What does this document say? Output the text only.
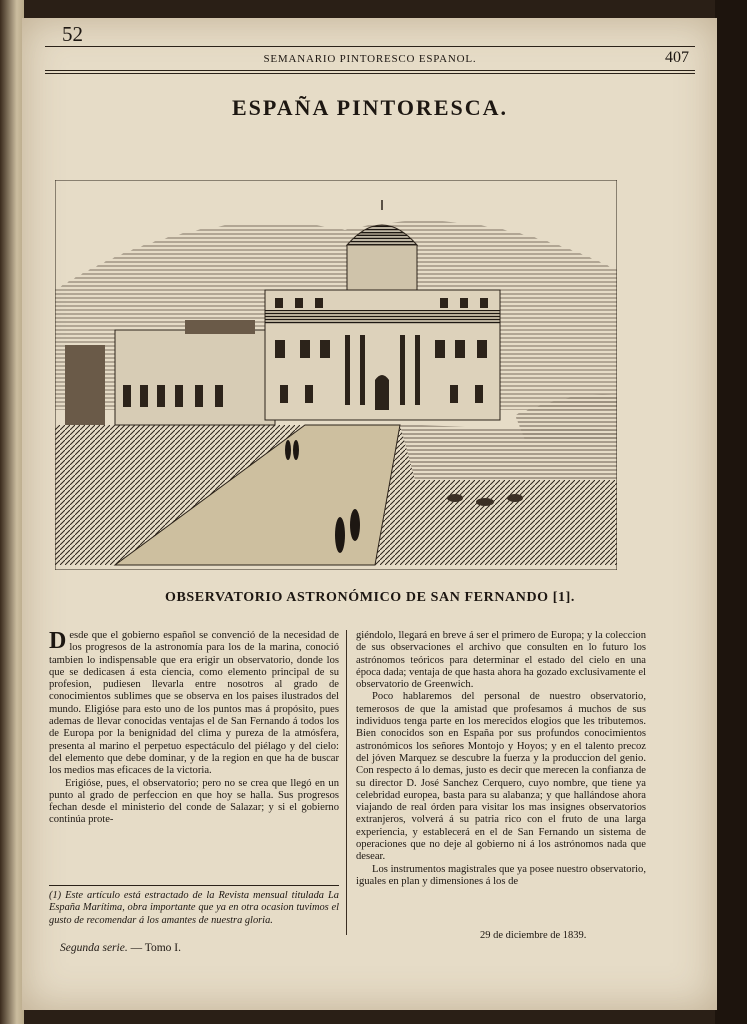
52
SEMANARIO PINTORESCO ESPANOL.	407
ESPAÑA PINTORESCA.
OBSERVATORIO ASTRONÓMICO DE SAN FERNANDO [1].

Desde que el gobierno español se convenció de la necesidad de los progresos de la astronomía para los de la marina, conoció tambien lo indispensable que era erigir un observatorio, donde los que se dedicasen á esta ciencia, como elemento principal de su profesion, pudiesen llevarla entre nosotros al grado de conocimientos sublimes que se observa en los paises ilustrados del mundo. Eligióse para esto uno de los puntos mas á propósito, pues ademas de llevar conocidas ventajas el de San Fernando á todos los de Europa por la benignidad del clima y pureza de la atmósfera, presenta al marino el perpetuo espectáculo del piélago y del cielo: del elemento que debe dominar, y de la region en que ha de buscar los medios mas eficaces de la victoria.

Erigióse, pues, el observatorio; pero no se crea que llegó en un punto al grado de perfeccion en que hoy se halla. Sus progresos fechan desde el ministerio del conde de Salazar; y si el gobierno continúa prote-

giéndolo, llegará en breve á ser el primero de Europa; y la coleccion de sus observaciones el archivo que consulten en lo futuro los astrónomos teóricos para determinar el estado del cielo en una época dada; ventaja de que hasta ahora ha gozado exclusivamente el observatorio de Greenwich.

Poco hablaremos del personal de nuestro observatorio, temerosos de que la amistad que profesamos á muchos de sus individuos tenga parte en los merecidos elogios que les tributemos. Bien conocidos son en España por sus profundos conocimientos astronómicos los señores Montojo y Hoyos; y en el talento precoz del jóven Marquez se descubre la fuerza y la produccion del genio. Con respecto á lo demas, justo es decir que merecen la confianza de su director D. José Sanchez Cerquero, cuyo nombre, que tiene ya celebridad europea, basta para su alabanza; y que hallándose ahora viajando de real órden para visitar los mas insignes observatorios extranjeros, volverá á su patria rico con el fruto de una larga experiencia, y establecerá en el de San Fernando un sistema de operaciones que no deje al gobierno ni á los astrónomos nada que desear.

Los instrumentos magistrales que ya posee nuestro observatorio, iguales en plan y dimensiones á los de

(1) Este artículo está estractado de la Revista mensual titulada La España Marítima, obra importante que ya en otra ocasion tuvimos el gusto de recomendar á los amantes de nuestra gloria.
Segunda serie. — Tomo I.
29 de diciembre de 1839.
